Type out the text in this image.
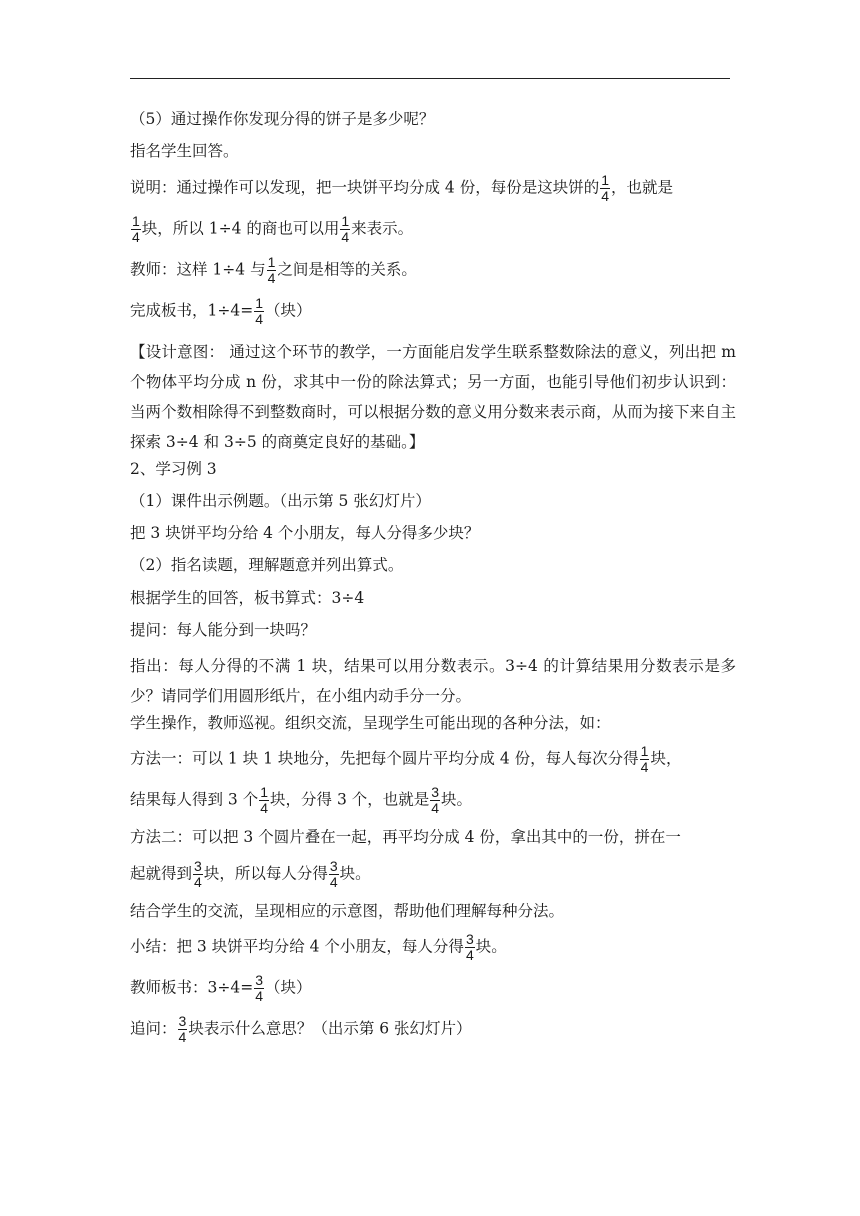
（5）通过操作你发现分得的饼子是多少呢？
指名学生回答。
说明：通过操作可以发现，把一块饼平均分成 4 份，每份是这块饼的 $\frac{1}{4}$ ，也就是
$\frac{1}{4}$ 块，所以 1÷4 的商也可以用 $\frac{1}{4}$ 来表示。
教师：这样 1÷4 与 $\frac{1}{4}$ 之间是相等的关系。
完成板书，$1\div 4= \frac{1}{4}$ （块）
【设计意图： 通过这个环节的教学，一方面能启发学生联系整数除法的意义，列出把 m 个物体平均分成 n 份，求其中一份的除法算式；另一方面，也能引导他们初步认识到：当两个数相除得不到整数商时，可以根据分数的意义用分数来表示商，从而为接下来自主探索 3÷4 和 3÷5 的商奠定良好的基础。】
2、学习例 3
（1）课件出示例题。（出示第 5 张幻灯片）
把 3 块饼平均分给 4 个小朋友，每人分得多少块？
（2）指名读题，理解题意并列出算式。
根据学生的回答，板书算式：3÷4
提问：每人能分到一块吗？
指出：每人分得的不满 1 块，结果可以用分数表示。3÷4 的计算结果用分数表示是多少？请同学们用圆形纸片，在小组内动手分一分。
学生操作，教师巡视。组织交流，呈现学生可能出现的各种分法，如：
方法一：可以 1 块 1 块地分，先把每个圆片平均分成 4 份，每人每次分得 $\frac{1}{4}$ 块，
结果每人得到 3 个 $\frac{1}{4}$ 块，分得 3 个，也就是 $\frac{3}{4}$ 块。
方法二：可以把 3 个圆片叠在一起，再平均分成 4 份，拿出其中的一份，拼在一
起就得到 $\frac{3}{4}$ 块，所以每人分得 $\frac{3}{4}$ 块。
结合学生的交流，呈现相应的示意图，帮助他们理解每种分法。
小结：把 3 块饼平均分给 4 个小朋友，每人分得 $\frac{3}{4}$ 块。
教师板书：$3\div 4= \frac{3}{4}$ （块）
追问： $\frac{3}{4}$ 块表示什么意思？（出示第 6 张幻灯片）
